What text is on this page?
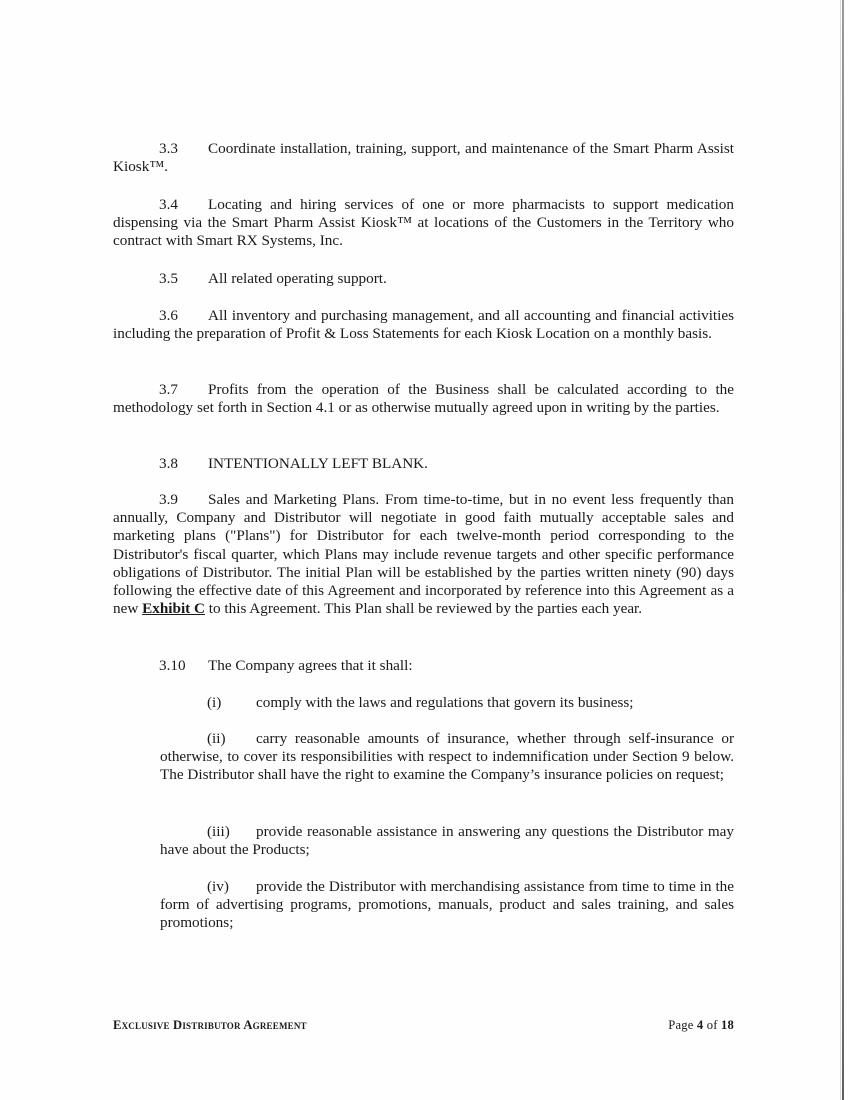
3.3 Coordinate installation, training, support, and maintenance of the Smart Pharm Assist Kiosk™.

3.4 Locating and hiring services of one or more pharmacists to support medication dispensing via the Smart Pharm Assist Kiosk™ at locations of the Customers in the Territory who contract with Smart RX Systems, Inc.

3.5 All related operating support.

3.6 All inventory and purchasing management, and all accounting and financial activities including the preparation of Profit & Loss Statements for each Kiosk Location on a monthly basis.

3.7 Profits from the operation of the Business shall be calculated according to the methodology set forth in Section 4.1 or as otherwise mutually agreed upon in writing by the parties.

3.8 INTENTIONALLY LEFT BLANK.

3.9 Sales and Marketing Plans. From time-to-time, but in no event less frequently than annually, Company and Distributor will negotiate in good faith mutually acceptable sales and marketing plans ("Plans") for Distributor for each twelve-month period corresponding to the Distributor's fiscal quarter, which Plans may include revenue targets and other specific performance obligations of Distributor. The initial Plan will be established by the parties written ninety (90) days following the effective date of this Agreement and incorporated by reference into this Agreement as a new Exhibit C to this Agreement. This Plan shall be reviewed by the parties each year.

3.10 The Company agrees that it shall:

(i) comply with the laws and regulations that govern its business;

(ii) carry reasonable amounts of insurance, whether through self-insurance or otherwise, to cover its responsibilities with respect to indemnification under Section 9 below. The Distributor shall have the right to examine the Company’s insurance policies on request;

(iii) provide reasonable assistance in answering any questions the Distributor may have about the Products;

(iv) provide the Distributor with merchandising assistance from time to time in the form of advertising programs, promotions, manuals, product and sales training, and sales promotions;

Exclusive Distributor Agreement	Page 4 of 18
